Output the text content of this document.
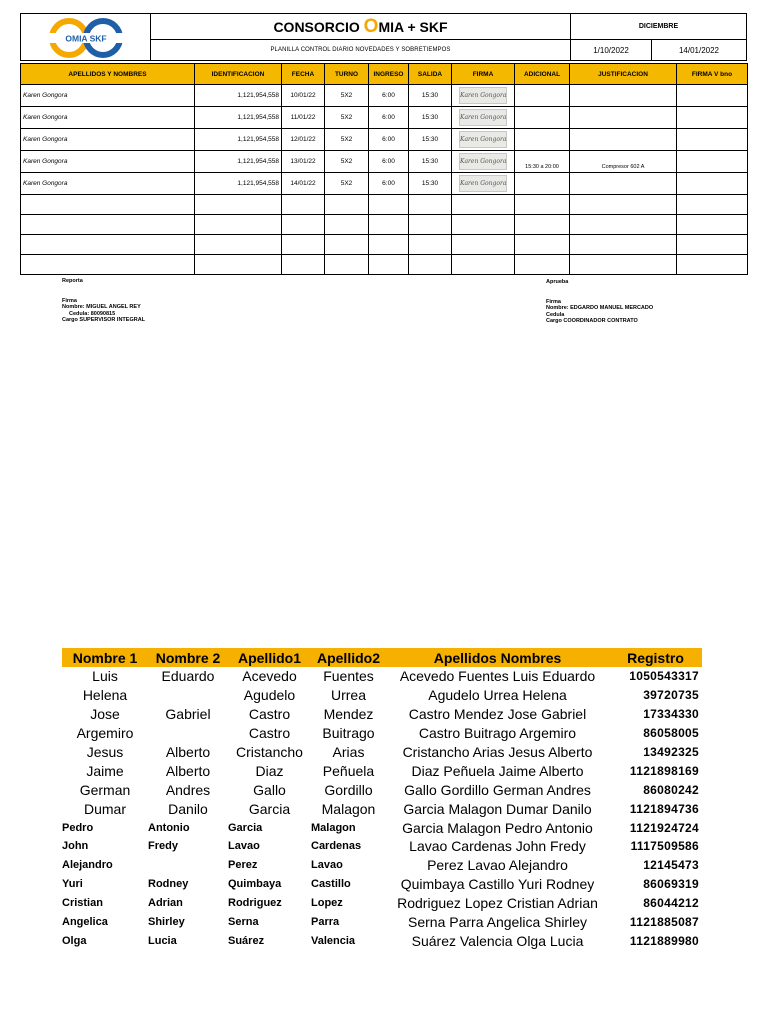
OMIA SKF
CONSORCIO
O MIA + SKF
PLANILLA CONTROL DIARIO NOVEDADES Y SOBRETIEMPOS
DICIEMBRE
1/10/2022	14/01/2022
APELLIDOS Y NOMBRES	IDENTIFICACION	FECHA	TURNO	INGRESO	SALIDA	FIRMA	ADICIONAL	JUSTIFICACION	FIRMA V bno
Karen Gongora	1,121,954,558	10/01/22	5X2	6:00	15:30	Karen Gongora			
Karen Gongora	1,121,954,558	11/01/22	5X2	6:00	15:30	Karen Gongora			
Karen Gongora	1,121,954,558	12/01/22	5X2	6:00	15:30	Karen Gongora			
Karen Gongora	1,121,954,558	13/01/22	5X2	6:00	15:30	Karen Gongora	15:30 a 20:00	Compresor 602 A	
Karen Gongora	1,121,954,558	14/01/22	5X2	6:00	15:30	Karen Gongora			

Reporta
Firma
Nombre: MIGUEL ANGEL REY
Cedula: 80090815
Cargo SUPERVISOR INTEGRAL
Aprueba
Firma
Nombre: EDGARDO MANUEL MERCADO
Cedula
Cargo COORDINADOR CONTRATO
Nombre 1	Nombre 2	Apellido1	Apellido2	Apellidos Nombres	Registro
Luis	Eduardo	Acevedo	Fuentes	Acevedo Fuentes Luis Eduardo	1050543317
Helena		Agudelo	Urrea	Agudelo Urrea Helena	39720735
Jose	Gabriel	Castro	Mendez	Castro Mendez Jose Gabriel	17334330
Argemiro		Castro	Buitrago	Castro Buitrago Argemiro	86058005
Jesus	Alberto	Cristancho	Arias	Cristancho Arias Jesus Alberto	13492325
Jaime	Alberto	Diaz	Peñuela	Diaz Peñuela Jaime Alberto	1121898169
German	Andres	Gallo	Gordillo	Gallo Gordillo German Andres	86080242
Dumar	Danilo	Garcia	Malagon	Garcia Malagon Dumar Danilo	1121894736
Pedro	Antonio	Garcia	Malagon	Garcia Malagon Pedro Antonio	1121924724
John	Fredy	Lavao	Cardenas	Lavao Cardenas John Fredy	1117509586
Alejandro		Perez	Lavao	Perez Lavao Alejandro	12145473
Yuri	Rodney	Quimbaya	Castillo	Quimbaya Castillo Yuri Rodney	86069319
Cristian	Adrian	Rodriguez	Lopez	Rodriguez Lopez Cristian Adrian	86044212
Angelica	Shirley	Serna	Parra	Serna Parra Angelica Shirley	1121885087
Olga	Lucia	Suárez	Valencia	Suárez Valencia Olga Lucia	1121889980
